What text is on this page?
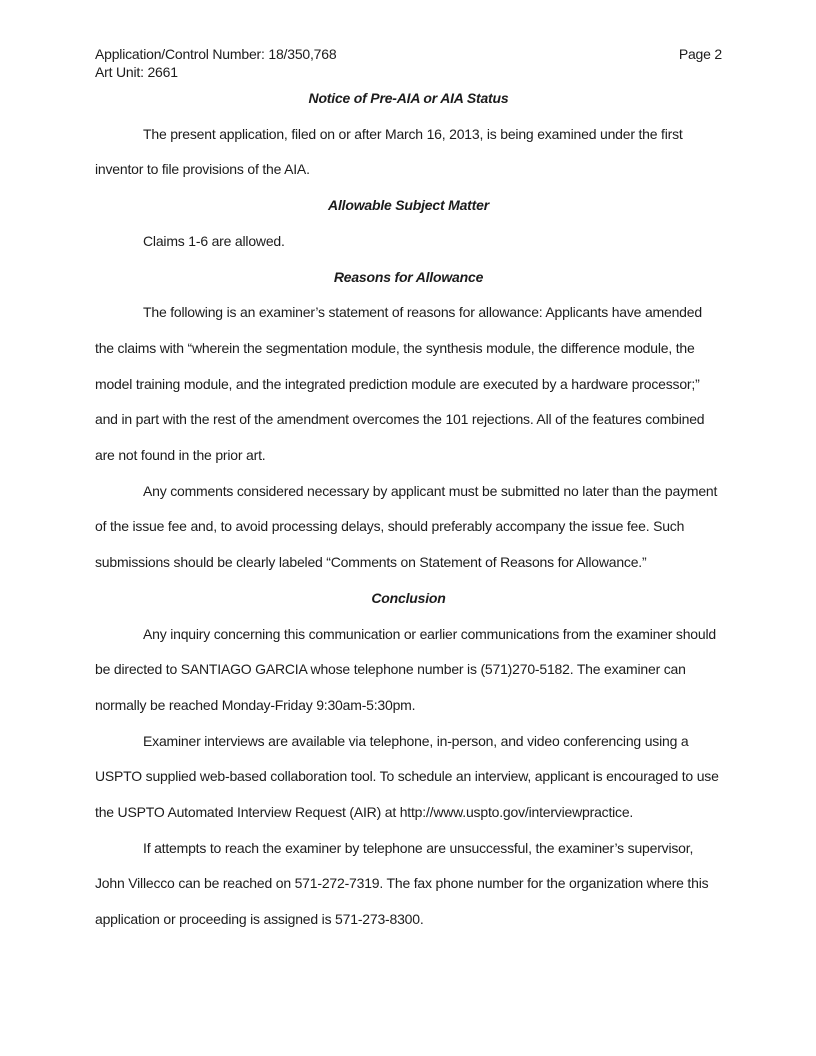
Application/Control Number: 18/350,768
Art Unit: 2661
Page 2
Notice of Pre-AIA or AIA Status

The present application, filed on or after March 16, 2013, is being examined under the first inventor to file provisions of the AIA.

Allowable Subject Matter

Claims 1-6 are allowed.

Reasons for Allowance

The following is an examiner’s statement of reasons for allowance: Applicants have amended the claims with “wherein the segmentation module, the synthesis module, the difference module, the model training module, and the integrated prediction module are executed by a hardware processor;” and in part with the rest of the amendment overcomes the 101 rejections. All of the features combined are not found in the prior art.

Any comments considered necessary by applicant must be submitted no later than the payment of the issue fee and, to avoid processing delays, should preferably accompany the issue fee. Such submissions should be clearly labeled “Comments on Statement of Reasons for Allowance.”

Conclusion

Any inquiry concerning this communication or earlier communications from the examiner should be directed to SANTIAGO GARCIA whose telephone number is (571)270-5182. The examiner can normally be reached Monday-Friday 9:30am-5:30pm.

Examiner interviews are available via telephone, in-person, and video conferencing using a USPTO supplied web-based collaboration tool. To schedule an interview, applicant is encouraged to use the USPTO Automated Interview Request (AIR) at http://www.uspto.gov/interviewpractice.

If attempts to reach the examiner by telephone are unsuccessful, the examiner’s supervisor, John Villecco can be reached on 571-272-7319. The fax phone number for the organization where this application or proceeding is assigned is 571-273-8300.
